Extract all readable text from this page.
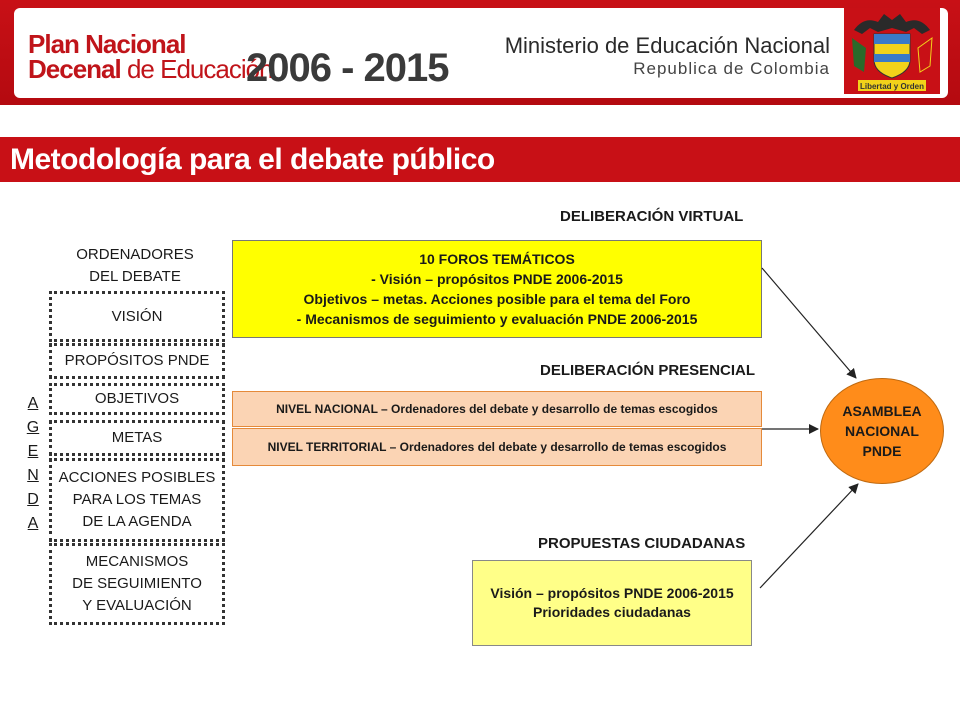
Plan Nacional
Decenal de Educación
2006 - 2015
Ministerio de Educación Nacional
Republica de Colombia
Libertad y Orden
Metodología para el debate público
ORDENADORES
DEL DEBATE
VISIÓN
PROPÓSITOS PNDE
OBJETIVOS
METAS
ACCIONES POSIBLES
PARA LOS TEMAS
DE LA AGENDA
MECANISMOS
DE SEGUIMIENTO
Y EVALUACIÓN
A
G
E
N
D
A
DELIBERACIÓN VIRTUAL
10 FOROS TEMÁTICOS
- Visión – propósitos PNDE 2006-2015
Objetivos – metas. Acciones posible para el tema del Foro
- Mecanismos de seguimiento y evaluación PNDE 2006-2015
DELIBERACIÓN PRESENCIAL
NIVEL NACIONAL – Ordenadores del debate y desarrollo de temas escogidos
NIVEL TERRITORIAL – Ordenadores del debate y desarrollo de temas escogidos
PROPUESTAS CIUDADANAS
Visión – propósitos PNDE 2006-2015
Prioridades ciudadanas
ASAMBLEA
NACIONAL
PNDE
